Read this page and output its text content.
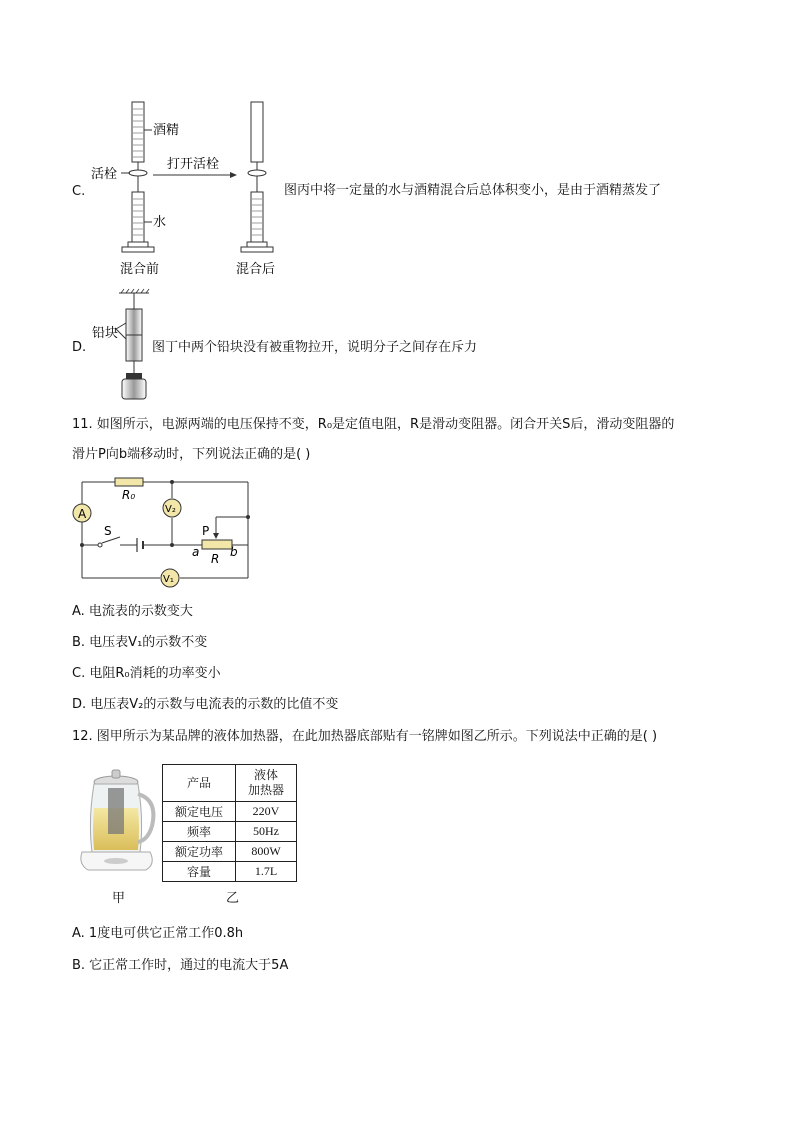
C.
酒精
活栓
打开活栓
水
混合前	混合后
图丙中将一定量的水与酒精混合后总体积变小，是由于酒精蒸发了
D.
铅块
图丁中两个铅块没有被重物拉开，说明分子之间存在斥力
11. 如图所示，电源两端的电压保持不变，R₀是定值电阻，R是滑动变阻器。闭合开关S后，滑动变阻器的
滑片P向b端移动时，下列说法正确的是( )
A	V₂
V₁
R₀
S	P
a	b
R
A. 电流表的示数变大
B. 电压表V₁的示数不变
C. 电阻R₀消耗的功率变小
D. 电压表V₂的示数与电流表的示数的比值不变
12. 图甲所示为某品牌的液体加热器，在此加热器底部贴有一铭牌如图乙所示。下列说法中正确的是( )
甲	乙
产品	液体
加热器
额定电压	220V
频率	50Hz
额定功率	800W
容量	1.7L
A. 1度电可供它正常工作0.8h
B. 它正常工作时，通过的电流大于5A
